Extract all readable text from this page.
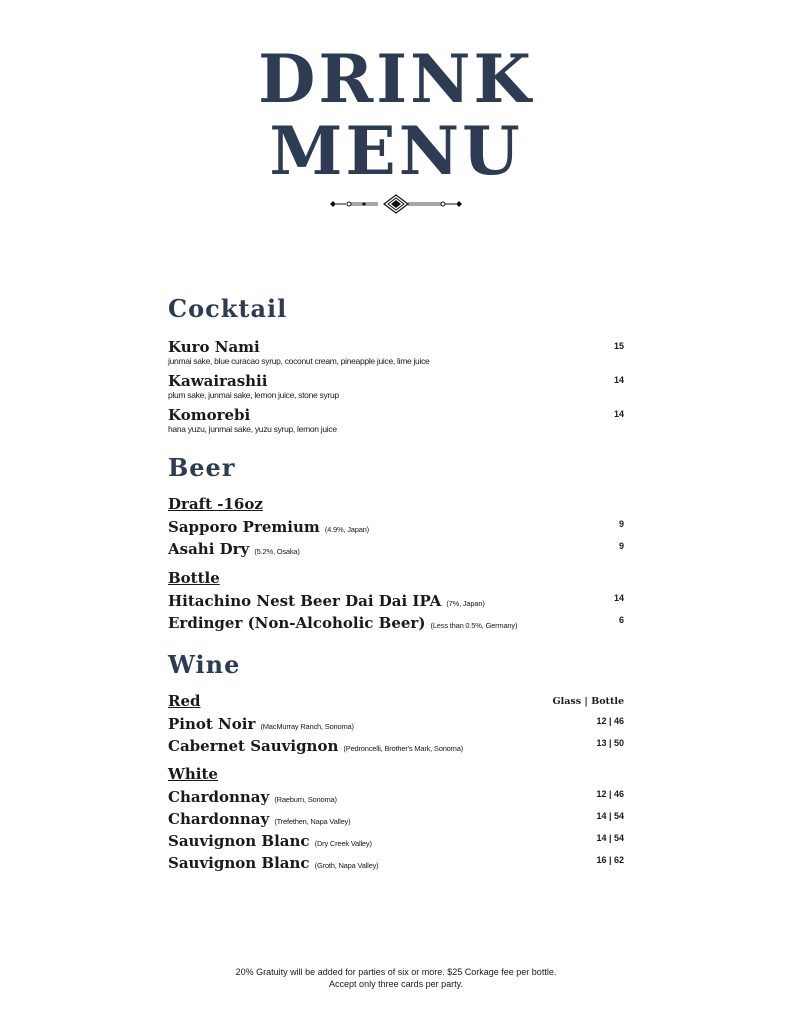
DRINK
MENU
Cocktail
Kuro Nami
junmai sake, blue curacao syrup, coconut cream, pineapple juice, lime juice
15
Kawairashii
plum sake, junmai sake, lemon juice, stone syrup
14
Komorebi
hana yuzu, junmai sake, yuzu syrup, lemon juice
14
Beer
Draft -16oz
Sapporo Premium (4.9%, Japan)
9
Asahi Dry (5.2%, Osaka)
9
Bottle
Hitachino Nest Beer Dai Dai IPA (7%, Japan)
14
Erdinger (Non-Alcoholic Beer) (Less than 0.5%, Germany)
6
Wine
Glass | Bottle
Red
Pinot Noir (MacMurray Ranch, Sonoma)
12 | 46
Cabernet Sauvignon (Pedroncelli, Brother's Mark, Sonoma)
13 | 50
White
Chardonnay (Raeburn, Sonoma)
12 | 46
Chardonnay (Trefethen, Napa Valley)
14 | 54
Sauvignon Blanc (Dry Creek Valley)
14 | 54
Sauvignon Blanc (Groth, Napa Valley)
16 | 62
20% Gratuity will be added for parties of six or more. $25 Corkage fee per bottle.
Accept only three cards per party.
